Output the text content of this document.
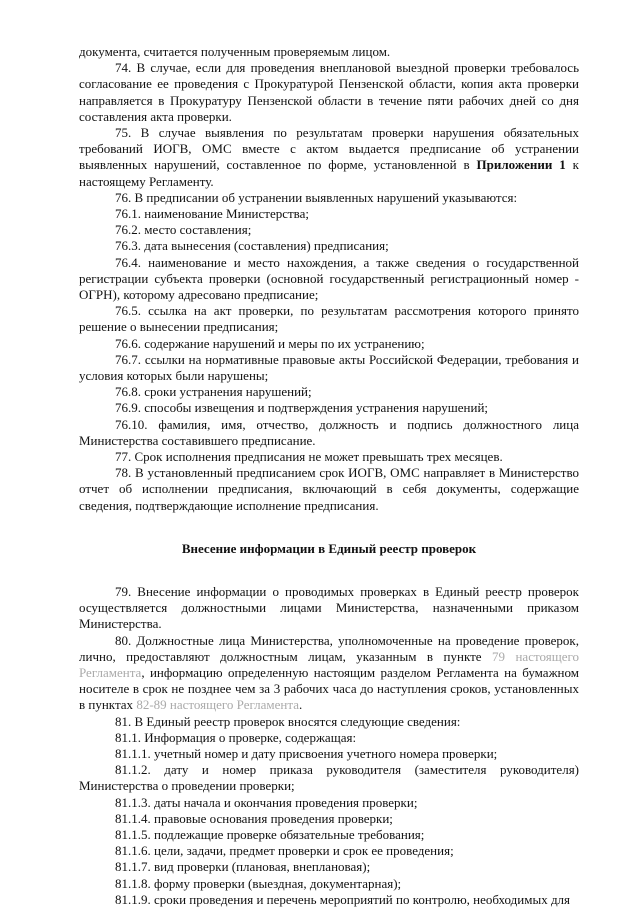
документа, считается полученным проверяемым лицом.

74. В случае, если для проведения внеплановой выездной проверки требовалось согласование ее проведения с Прокуратурой Пензенской области, копия акта проверки направляется в Прокуратуру Пензенской области в течение пяти рабочих дней со дня составления акта проверки.

75. В случае выявления по результатам проверки нарушения обязательных требований ИОГВ, ОМС вместе с актом выдается предписание об устранении выявленных нарушений, составленное по форме, установленной в Приложении 1 к настоящему Регламенту.

76. В предписании об устранении выявленных нарушений указываются:

76.1. наименование Министерства;

76.2. место составления;

76.3. дата вынесения (составления) предписания;

76.4. наименование и место нахождения, а также сведения о государственной регистрации субъекта проверки (основной государственный регистрационный номер - ОГРН), которому адресовано предписание;

76.5. ссылка на акт проверки, по результатам рассмотрения которого принято решение о вынесении предписания;

76.6. содержание нарушений и меры по их устранению;

76.7. ссылки на нормативные правовые акты Российской Федерации, требования и условия которых были нарушены;

76.8. сроки устранения нарушений;

76.9. способы извещения и подтверждения устранения нарушений;

76.10. фамилия, имя, отчество, должность и подпись должностного лица Министерства составившего предписание.

77. Срок исполнения предписания не может превышать трех месяцев.

78. В установленный предписанием срок ИОГВ, ОМС направляет в Министерство отчет об исполнении предписания, включающий в себя документы, содержащие сведения, подтверждающие исполнение предписания.

Внесение информации в Единый реестр проверок

79. Внесение информации о проводимых проверках в Единый реестр проверок осуществляется должностными лицами Министерства, назначенными приказом Министерства.

80. Должностные лица Министерства, уполномоченные на проведение проверок, лично, предоставляют должностным лицам, указанным в пункте 79 настоящего Регламента, информацию определенную настоящим разделом Регламента на бумажном носителе в срок не позднее чем за 3 рабочих часа до наступления сроков, установленных в пунктах 82-89 настоящего Регламента.

81. В Единый реестр проверок вносятся следующие сведения:

81.1. Информация о проверке, содержащая:

81.1.1. учетный номер и дату присвоения учетного номера проверки;

81.1.2. дату и номер приказа руководителя (заместителя руководителя) Министерства о проведении проверки;

81.1.3. даты начала и окончания проведения проверки;

81.1.4. правовые основания проведения проверки;

81.1.5. подлежащие проверке обязательные требования;

81.1.6. цели, задачи, предмет проверки и срок ее проведения;

81.1.7. вид проверки (плановая, внеплановая);

81.1.8. форму проверки (выездная, документарная);

81.1.9. сроки проведения и перечень мероприятий по контролю, необходимых для
